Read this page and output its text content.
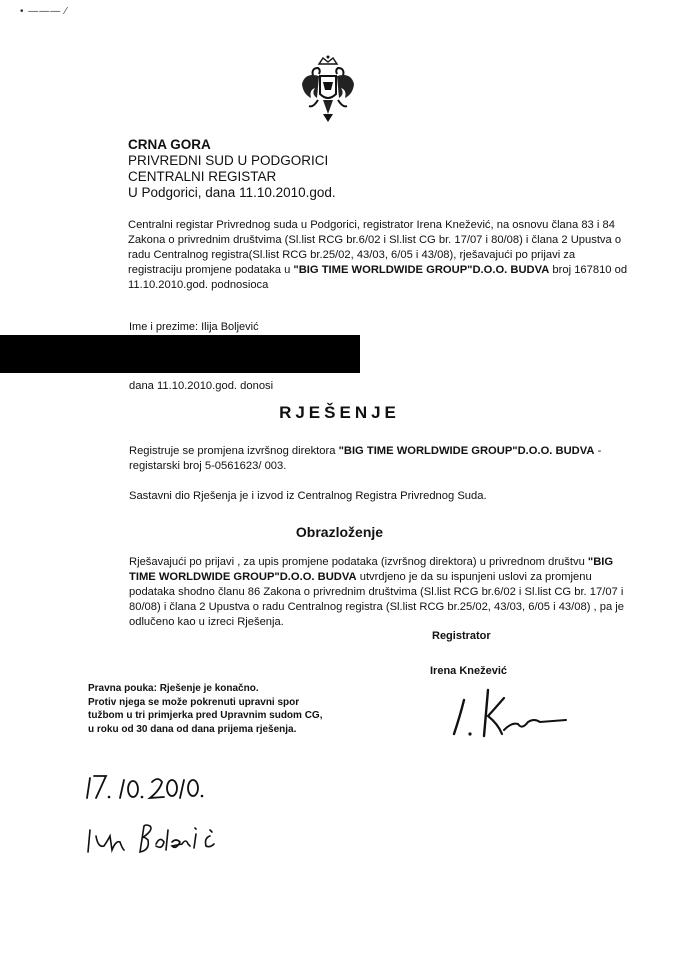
• ——— ⁄
CRNA GORA
PRIVREDNI SUD U PODGORICI
CENTRALNI REGISTAR
U Podgorici, dana 11.10.2010.god.
Centralni registar Privrednog suda u Podgorici, registrator Irena Knežević, na osnovu člana 83 i 84 Zakona o privrednim društvima (Sl.list RCG br.6/02 i Sl.list CG br. 17/07 i 80/08) i člana 2 Upustva o radu Centralnog registra(Sl.list RCG br.25/02, 43/03, 6/05 i 43/08), rješavajući po prijavi za registraciju promjene podataka u "BIG TIME WORLDWIDE GROUP"D.O.O. BUDVA broj 167810 od 11.10.2010.god. podnosioca
Ime i prezime: Ilija Boljević
dana 11.10.2010.god. donosi
RJEŠENJE
Registruje se promjena izvršnog direktora "BIG TIME WORLDWIDE GROUP"D.O.O. BUDVA - registarski broj 5-0561623/ 003.
Sastavni dio Rješenja je i izvod iz Centralnog Registra Privrednog Suda.
Obrazloženje
Rješavajući po prijavi , za upis promjene podataka (izvršnog direktora) u privrednom društvu "BIG TIME WORLDWIDE GROUP"D.O.O. BUDVA utvrdjeno je da su ispunjeni uslovi za promjenu podataka shodno članu 86 Zakona o privrednim društvima (Sl.list RCG br.6/02 i Sl.list CG br. 17/07 i 80/08) i člana 2 Upustva o radu Centralnog registra (Sl.list RCG br.25/02, 43/03, 6/05 i 43/08) , pa je odlučeno kao u izreci Rješenja.
Registrator
Irena Knežević
Pravna pouka: Rješenje je konačno.
Protiv njega se može pokrenuti upravni spor
tužbom u tri primjerka pred Upravnim sudom CG,
u roku od 30 dana od dana prijema rješenja.
